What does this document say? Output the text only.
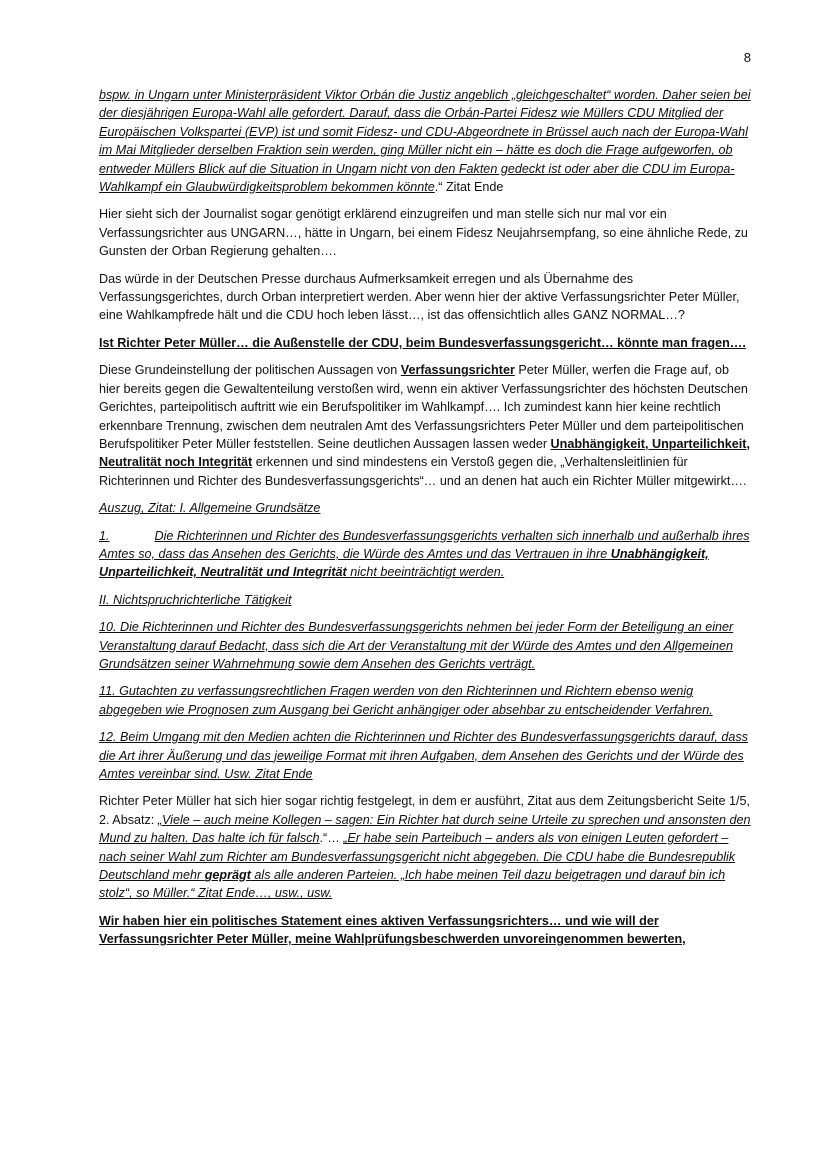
8

bspw. in Ungarn unter Ministerpräsident Viktor Orbán die Justiz angeblich „gleichgeschaltet“ worden. Daher seien bei der diesjährigen Europa-Wahl alle gefordert. Darauf, dass die Orbán-Partei Fidesz wie Müllers CDU Mitglied der Europäischen Volkspartei (EVP) ist und somit Fidesz- und CDU-Abgeordnete in Brüssel auch nach der Europa-Wahl im Mai Mitglieder derselben Fraktion sein werden, ging Müller nicht ein – hätte es doch die Frage aufgeworfen, ob entweder Müllers Blick auf die Situation in Ungarn nicht von den Fakten gedeckt ist oder aber die CDU im Europa-Wahlkampf ein Glaubwürdigkeitsproblem bekommen könnte.“ Zitat Ende

Hier sieht sich der Journalist sogar genötigt erklärend einzugreifen und man stelle sich nur mal vor ein Verfassungsrichter aus UNGARN…, hätte in Ungarn, bei einem Fidesz Neujahrsempfang, so eine ähnliche Rede, zu Gunsten der Orban Regierung gehalten….

Das würde in der Deutschen Presse durchaus Aufmerksamkeit erregen und als Übernahme des Verfassungsgerichtes, durch Orban interpretiert werden. Aber wenn hier der aktive Verfassungsrichter Peter Müller, eine Wahlkampfrede hält und die CDU hoch leben lässt…, ist das offensichtlich alles GANZ NORMAL…?

Ist Richter Peter Müller… die Außenstelle der CDU, beim Bundesverfassungsgericht… könnte man fragen….

Diese Grundeinstellung der politischen Aussagen von Verfassungsrichter Peter Müller, werfen die Frage auf, ob hier bereits gegen die Gewaltenteilung verstoßen wird, wenn ein aktiver Verfassungsrichter des höchsten Deutschen Gerichtes, parteipolitisch auftritt wie ein Berufspolitiker im Wahlkampf…. Ich zumindest kann hier keine rechtlich erkennbare Trennung, zwischen dem neutralen Amt des Verfassungsrichters Peter Müller und dem parteipolitischen Berufspolitiker Peter Müller feststellen. Seine deutlichen Aussagen lassen weder Unabhängigkeit, Unparteilichkeit, Neutralität noch Integrität erkennen und sind mindestens ein Verstoß gegen die, „Verhaltensleitlinien für Richterinnen und Richter des Bundesverfassungsgerichts“… und an denen hat auch ein Richter Müller mitgewirkt….

Auszug, Zitat: I. Allgemeine Grundsätze

1.	Die Richterinnen und Richter des Bundesverfassungsgerichts verhalten sich innerhalb und außerhalb ihres Amtes so, dass das Ansehen des Gerichts, die Würde des Amtes und das Vertrauen in ihre Unabhängigkeit, Unparteilichkeit, Neutralität und Integrität nicht beeinträchtigt werden.

II. Nichtspruchrichterliche Tätigkeit

10. Die Richterinnen und Richter des Bundesverfassungsgerichts nehmen bei jeder Form der Beteiligung an einer Veranstaltung darauf Bedacht, dass sich die Art der Veranstaltung mit der Würde des Amtes und den Allgemeinen Grundsätzen seiner Wahrnehmung sowie dem Ansehen des Gerichts verträgt.

11. Gutachten zu verfassungsrechtlichen Fragen werden von den Richterinnen und Richtern ebenso wenig abgegeben wie Prognosen zum Ausgang bei Gericht anhängiger oder absehbar zu entscheidender Verfahren.

12. Beim Umgang mit den Medien achten die Richterinnen und Richter des Bundesverfassungsgerichts darauf, dass die Art ihrer Äußerung und das jeweilige Format mit ihren Aufgaben, dem Ansehen des Gerichts und der Würde des Amtes vereinbar sind. Usw. Zitat Ende

Richter Peter Müller hat sich hier sogar richtig festgelegt, in dem er ausführt, Zitat aus dem Zeitungsbericht Seite 1/5, 2. Absatz: „Viele – auch meine Kollegen – sagen: Ein Richter hat durch seine Urteile zu sprechen und ansonsten den Mund zu halten. Das halte ich für falsch.“… „Er habe sein Parteibuch – anders als von einigen Leuten gefordert – nach seiner Wahl zum Richter am Bundesverfassungsgericht nicht abgegeben. Die CDU habe die Bundesrepublik Deutschland mehr geprägt als alle anderen Parteien. „Ich habe meinen Teil dazu beigetragen und darauf bin ich stolz“, so Müller.“ Zitat Ende…, usw., usw.

Wir haben hier ein politisches Statement eines aktiven Verfassungsrichters… und wie will der Verfassungsrichter Peter Müller, meine Wahlprüfungsbeschwerden unvoreingenommen bewerten,
